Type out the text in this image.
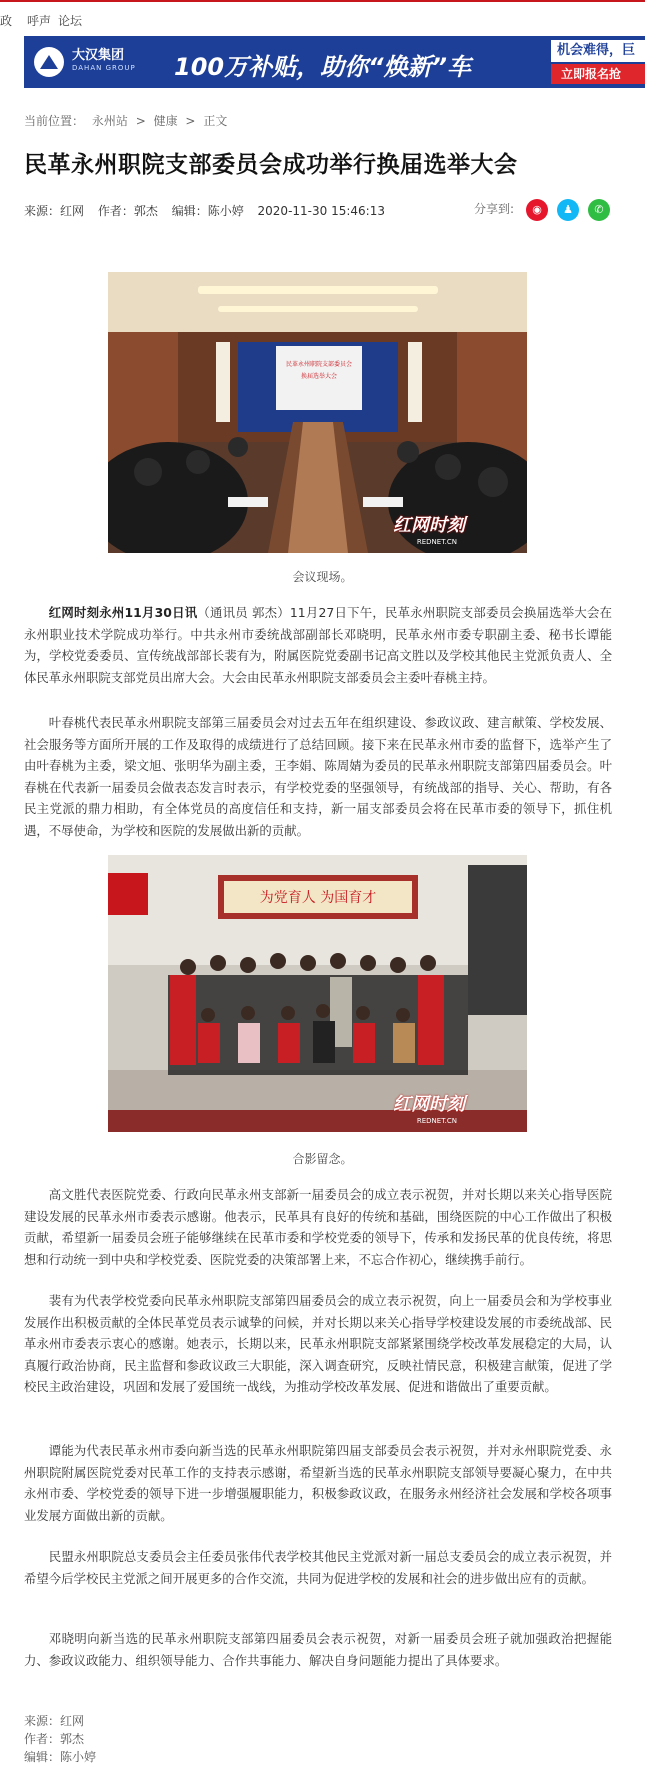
政 呼声 论坛
大汉集团
DAHAN GROUP 100万补贴，助你“焕新”车
机会难得，巨
立即报名抢
当前位置： 永州站 > 健康 > 正文
民革永州职院支部委员会成功举行换届选举大会
来源：红网 作者：郭杰 编辑：陈小婷 2020-11-30 15:46:13	分享到:	◉	♟	✆
民革永州职院支部委员会
换届选举大会
红网时刻
REDNET.CN
会议现场。
红网时刻永州11月30日讯（通讯员 郭杰）11月27日下午，民革永州职院支部委员会换届选举大会在永州职业技术学院成功举行。中共永州市委统战部副部长邓晓明，民革永州市委专职副主委、秘书长谭能为，学校党委委员、宣传统战部部长裴有为，附属医院党委副书记高文胜以及学校其他民主党派负责人、全体民革永州职院支部党员出席大会。大会由民革永州职院支部委员会主委叶春桃主持。
叶春桃代表民革永州职院支部第三届委员会对过去五年在组织建设、参政议政、建言献策、学校发展、社会服务等方面所开展的工作及取得的成绩进行了总结回顾。接下来在民革永州市委的监督下，选举产生了由叶春桃为主委，梁文旭、张明华为副主委，王李娟、陈周婧为委员的民革永州职院支部第四届委员会。叶春桃在代表新一届委员会做表态发言时表示，有学校党委的坚强领导，有统战部的指导、关心、帮助，有各民主党派的鼎力相助，有全体党员的高度信任和支持，新一届支部委员会将在民革市委的领导下，抓住机遇，不辱使命，为学校和医院的发展做出新的贡献。
为党育人 为国育才
红网时刻
REDNET.CN
合影留念。
高文胜代表医院党委、行政向民革永州支部新一届委员会的成立表示祝贺，并对长期以来关心指导医院建设发展的民革永州市委表示感谢。他表示，民革具有良好的传统和基础，围绕医院的中心工作做出了积极贡献，希望新一届委员会班子能够继续在民革市委和学校党委的领导下，传承和发扬民革的优良传统，将思想和行动统一到中央和学校党委、医院党委的决策部署上来，不忘合作初心，继续携手前行。
裴有为代表学校党委向民革永州职院支部第四届委员会的成立表示祝贺，向上一届委员会和为学校事业发展作出积极贡献的全体民革党员表示诚挚的问候，并对长期以来关心指导学校建设发展的市委统战部、民革永州市委表示衷心的感谢。她表示，长期以来，民革永州职院支部紧紧围绕学校改革发展稳定的大局，认真履行政治协商，民主监督和参政议政三大职能，深入调查研究，反映社情民意，积极建言献策，促进了学校民主政治建设，巩固和发展了爱国统一战线，为推动学校改革发展、促进和谐做出了重要贡献。
谭能为代表民革永州市委向新当选的民革永州职院第四届支部委员会表示祝贺，并对永州职院党委、永州职院附属医院党委对民革工作的支持表示感谢，希望新当选的民革永州职院支部领导要凝心聚力，在中共永州市委、学校党委的领导下进一步增强履职能力，积极参政议政，在服务永州经济社会发展和学校各项事业发展方面做出新的贡献。
民盟永州职院总支委员会主任委员张伟代表学校其他民主党派对新一届总支委员会的成立表示祝贺，并希望今后学校民主党派之间开展更多的合作交流，共同为促进学校的发展和社会的进步做出应有的贡献。
邓晓明向新当选的民革永州职院支部第四届委员会表示祝贺，对新一届委员会班子就加强政治把握能力、参政议政能力、组织领导能力、合作共事能力、解决自身问题能力提出了具体要求。
来源：红网
作者：郭杰
编辑：陈小婷
